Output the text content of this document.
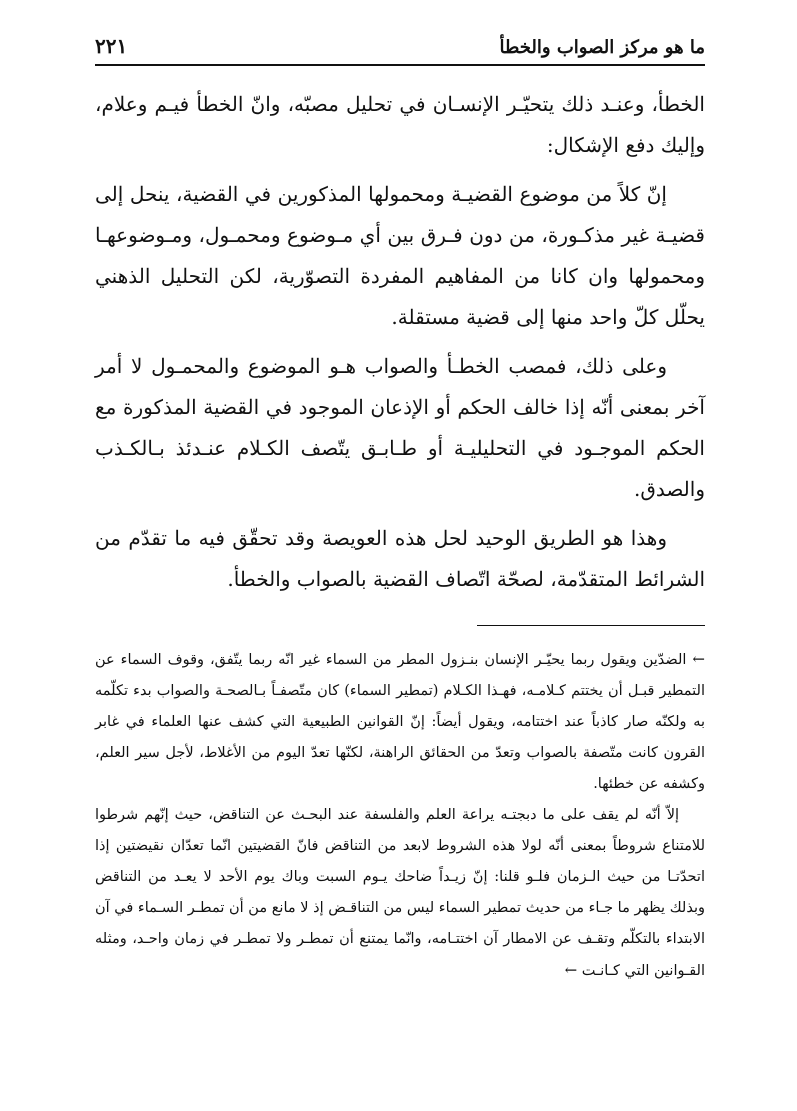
ما هو مركز الصواب والخطأ
٢٢١

الخطأ، وعنـد ذلك يتحيّـر الإنسـان في تحليل مصبّه، وانّ الخطأ فيـم وعلام، وإليك دفع الإشكال:

إنّ كلاً من موضوع القضيـة ومحمولها المذكورين في القضية، ينحل إلى قضيـة غير مذكـورة، من دون فـرق بين أي مـوضوع ومحمـول، ومـوضوعهـا ومحمولها وان كانا من المفاهيم المفردة التصوّرية، لكن التحليل الذهني يحلّل كلّ واحد منها إلى قضية مستقلة.

وعلى ذلك، فمصب الخطـأ والصواب هـو الموضوع والمحمـول لا أمر آخر بمعنى أنّه إذا خالف الحكم أو الإذعان الموجود في القضية المذكورة مع الحكم الموجـود في التحليليـة أو طـابـق يتّصف الكـلام عنـدئذ بـالكـذب والصدق.

وهذا هو الطريق الوحيد لحل هذه العويصة وقد تحقّق فيه ما تقدّم من الشرائط المتقدّمة، لصحّة اتّصاف القضية بالصواب والخطأ.

←الضدّين ويقول ربما يحيّـر الإنسان بنـزول المطر من السماء غير انّه ربما يتّفق، وقوف السماء عن التمطير قبـل أن يختتم كـلامـه، فهـذا الكـلام (تمطير السماء) كان متّصفـاً بـالصحـة والصواب بدء تكلّمه به ولكنّه صار كاذباً عند اختتامه، ويقول أيضاً: إنّ القوانين الطبيعية التي كشف عنها العلماء في غابر القرون كانت متّصفة بالصواب وتعدّ من الحقائق الراهنة، لكنّها تعدّ اليوم من الأغلاط، لأجل سير العلم، وكشفه عن خطئها.

إلاّ أنّه لم يقف على ما دبجتـه يراعة العلم والفلسفة عند البحـث عن التناقض، حيث إنّهم شرطوا للامتناع شروطاً بمعنى أنّه لولا هذه الشروط لابعد من التناقض فانّ القضيتين انّما تعدّان نقيضتين إذا اتحدّتـا من حيث الـزمان فلـو قلنا: إنّ زيـداً ضاحك يـوم السبت وباك يوم الأحد لا يعـد من التناقض وبذلك يظهر ما جـاء من حديث تمطير السماء ليس من التناقـض إذ لا مانع من أن تمطـر السـماء في آن الابتداء بالتكلّم وتقـف عن الامطار آن اختتـامه، وانّما يمتنع أن تمطـر ولا تمطـر في زمان واحـد، ومثله القـوانين التي كـانـت ←
